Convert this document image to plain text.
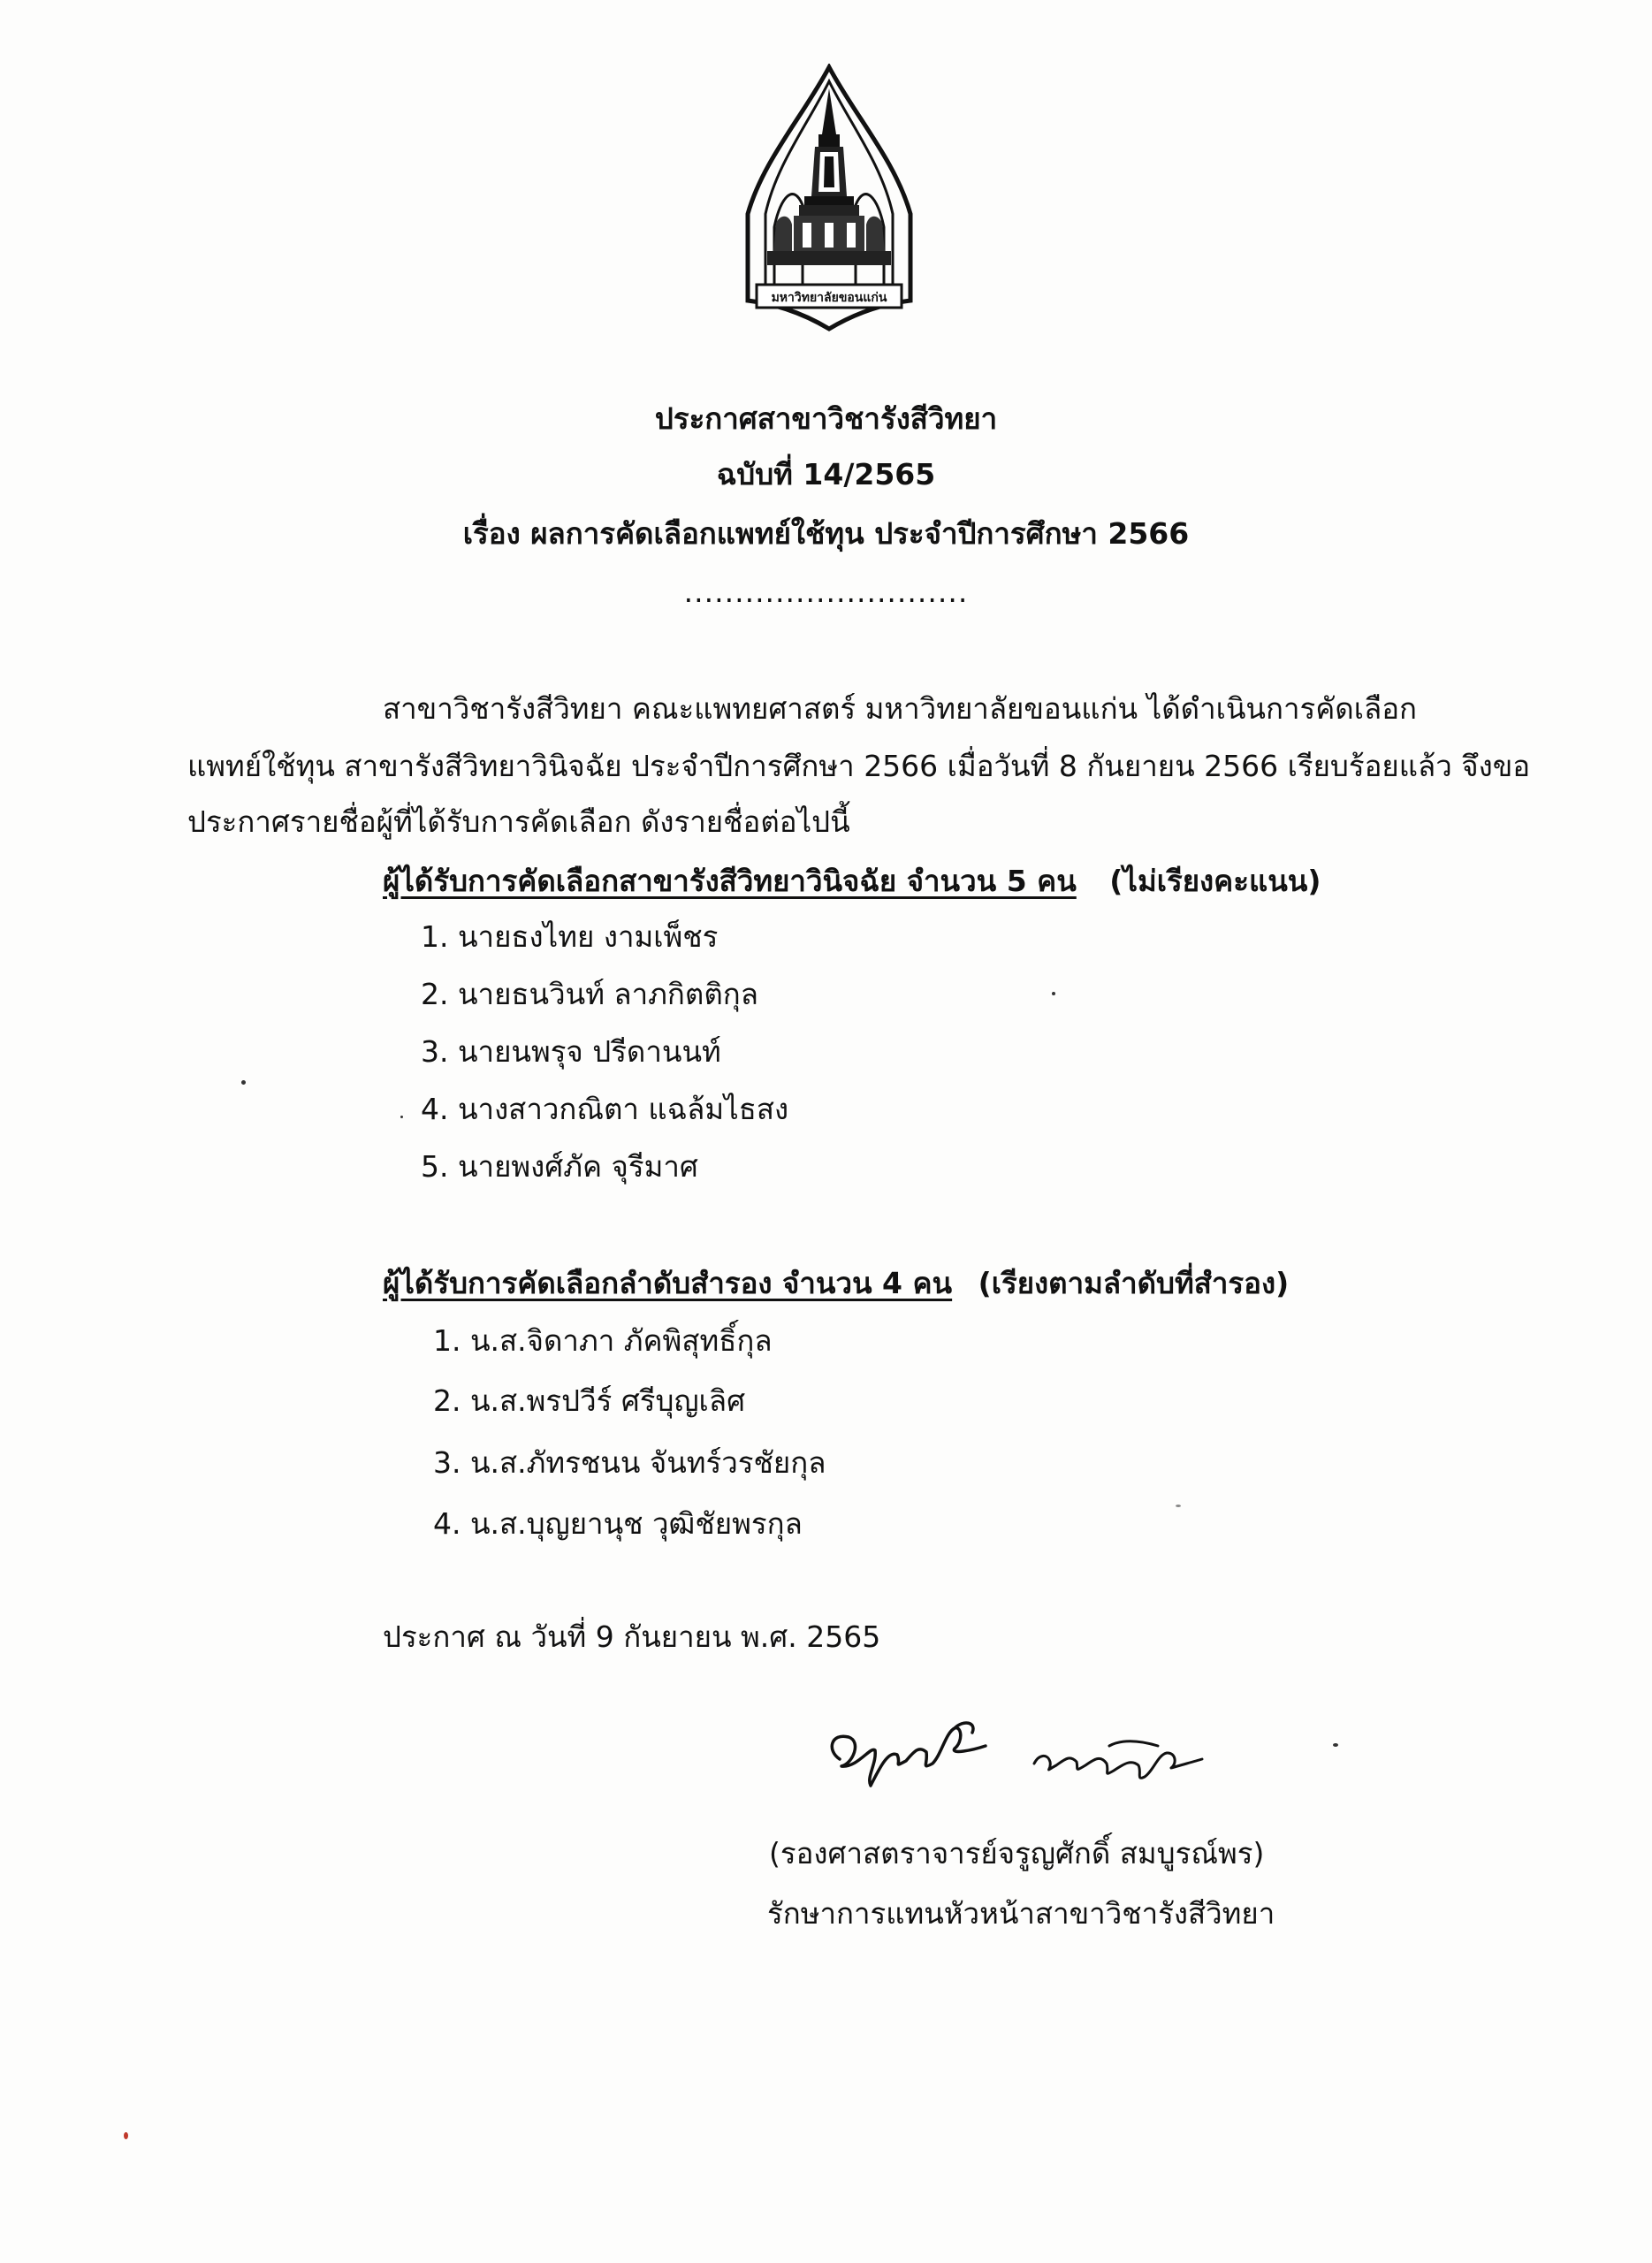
มหาวิทยาลัยขอนแก่น
ประกาศสาขาวิชารังสีวิทยา
ฉบับที่ 14/2565
เรื่อง ผลการคัดเลือกแพทย์ใช้ทุน ประจำปีการศึกษา 2566
............................
สาขาวิชารังสีวิทยา คณะแพทยศาสตร์ มหาวิทยาลัยขอนแก่น ได้ดำเนินการคัดเลือก
แพทย์ใช้ทุน สาขารังสีวิทยาวินิจฉัย ประจำปีการศึกษา 2566 เมื่อวันที่ 8 กันยายน 2566 เรียบร้อยแล้ว จึงขอ
ประกาศรายชื่อผู้ที่ได้รับการคัดเลือก ดังรายชื่อต่อไปนี้
ผู้ได้รับการคัดเลือกสาขารังสีวิทยาวินิจฉัย จำนวน 5 คน (ไม่เรียงคะแนน)
1. นายธงไทย งามเพ็ชร
2. นายธนวินท์ ลาภกิตติกุล
3. นายนพรุจ ปรีดานนท์
4. นางสาวกณิตา แฉล้มไธสง
5. นายพงศ์ภัค จุรีมาศ
ผู้ได้รับการคัดเลือกลำดับสำรอง จำนวน 4 คน (เรียงตามลำดับที่สำรอง)
1. น.ส.จิดาภา ภัคพิสุทธิ์กุล
2. น.ส.พรปวีร์ ศรีบุญเลิศ
3. น.ส.ภัทรชนน จันทร์วรชัยกุล
4. น.ส.บุญยานุช วุฒิชัยพรกุล
ประกาศ ณ วันที่ 9 กันยายน พ.ศ. 2565
(รองศาสตราจารย์จรูญศักดิ์ สมบูรณ์พร)
รักษาการแทนหัวหน้าสาขาวิชารังสีวิทยา
